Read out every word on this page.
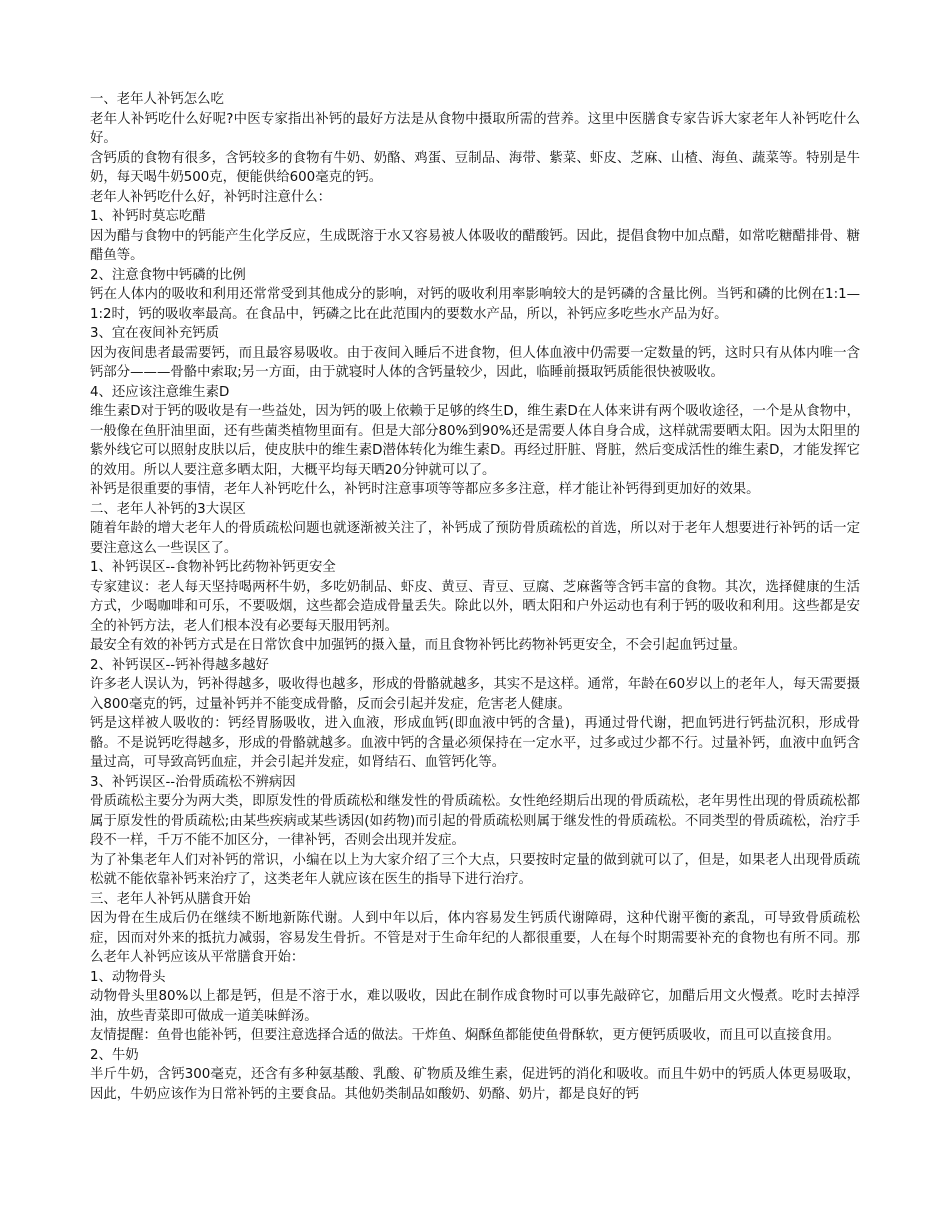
一、老年人补钙怎么吃

老年人补钙吃什么好呢?中医专家指出补钙的最好方法是从食物中摄取所需的营养。这里中医膳食专家告诉大家老年人补钙吃什么好。

含钙质的食物有很多，含钙较多的食物有牛奶、奶酪、鸡蛋、豆制品、海带、紫菜、虾皮、芝麻、山楂、海鱼、蔬菜等。特别是牛奶，每天喝牛奶500克，便能供给600毫克的钙。

老年人补钙吃什么好，补钙时注意什么：

1、补钙时莫忘吃醋

因为醋与食物中的钙能产生化学反应，生成既溶于水又容易被人体吸收的醋酸钙。因此，提倡食物中加点醋，如常吃糖醋排骨、糖醋鱼等。

2、注意食物中钙磷的比例

钙在人体内的吸收和利用还常常受到其他成分的影响，对钙的吸收利用率影响较大的是钙磷的含量比例。当钙和磷的比例在1:1—1:2时，钙的吸收率最高。在食品中，钙磷之比在此范围内的要数水产品，所以，补钙应多吃些水产品为好。

3、宜在夜间补充钙质

因为夜间患者最需要钙，而且最容易吸收。由于夜间入睡后不进食物，但人体血液中仍需要一定数量的钙，这时只有从体内唯一含钙部分———骨骼中索取;另一方面，由于就寝时人体的含钙量较少，因此，临睡前摄取钙质能很快被吸收。

4、还应该注意维生素D

维生素D对于钙的吸收是有一些益处，因为钙的吸上依赖于足够的终生D，维生素D在人体来讲有两个吸收途径，一个是从食物中，一般像在鱼肝油里面，还有些菌类植物里面有。但是大部分80%到90%还是需要人体自身合成，这样就需要晒太阳。因为太阳里的紫外线它可以照射皮肤以后，使皮肤中的维生素D潜体转化为维生素D。再经过肝脏、肾脏，然后变成活性的维生素D，才能发挥它的效用。所以人要注意多晒太阳，大概平均每天晒20分钟就可以了。

补钙是很重要的事情，老年人补钙吃什么，补钙时注意事项等等都应多多注意，样才能让补钙得到更加好的效果。

二、老年人补钙的3大误区

随着年龄的增大老年人的骨质疏松问题也就逐渐被关注了，补钙成了预防骨质疏松的首选，所以对于老年人想要进行补钙的话一定要注意这么一些误区了。

1、补钙误区--食物补钙比药物补钙更安全

专家建议：老人每天坚持喝两杯牛奶，多吃奶制品、虾皮、黄豆、青豆、豆腐、芝麻酱等含钙丰富的食物。其次，选择健康的生活方式，少喝咖啡和可乐，不要吸烟，这些都会造成骨量丢失。除此以外，晒太阳和户外运动也有利于钙的吸收和利用。这些都是安全的补钙方法，老人们根本没有必要每天服用钙剂。

最安全有效的补钙方式是在日常饮食中加强钙的摄入量，而且食物补钙比药物补钙更安全，不会引起血钙过量。

2、补钙误区--钙补得越多越好

许多老人误认为，钙补得越多，吸收得也越多，形成的骨骼就越多，其实不是这样。通常，年龄在60岁以上的老年人，每天需要摄入800毫克的钙，过量补钙并不能变成骨骼，反而会引起并发症，危害老人健康。

钙是这样被人吸收的：钙经胃肠吸收，进入血液，形成血钙(即血液中钙的含量)，再通过骨代谢，把血钙进行钙盐沉积，形成骨骼。不是说钙吃得越多，形成的骨骼就越多。血液中钙的含量必须保持在一定水平，过多或过少都不行。过量补钙，血液中血钙含量过高，可导致高钙血症，并会引起并发症，如肾结石、血管钙化等。

3、补钙误区--治骨质疏松不辨病因

骨质疏松主要分为两大类，即原发性的骨质疏松和继发性的骨质疏松。女性绝经期后出现的骨质疏松，老年男性出现的骨质疏松都属于原发性的骨质疏松;由某些疾病或某些诱因(如药物)而引起的骨质疏松则属于继发性的骨质疏松。不同类型的骨质疏松，治疗手段不一样，千万不能不加区分，一律补钙，否则会出现并发症。

为了补集老年人们对补钙的常识，小编在以上为大家介绍了三个大点，只要按时定量的做到就可以了，但是，如果老人出现骨质疏松就不能依靠补钙来治疗了，这类老年人就应该在医生的指导下进行治疗。

三、老年人补钙从膳食开始

因为骨在生成后仍在继续不断地新陈代谢。人到中年以后，体内容易发生钙质代谢障碍，这种代谢平衡的紊乱，可导致骨质疏松症，因而对外来的抵抗力减弱，容易发生骨折。不管是对于生命年纪的人都很重要，人在每个时期需要补充的食物也有所不同。那么老年人补钙应该从平常膳食开始：

1、动物骨头

动物骨头里80%以上都是钙，但是不溶于水，难以吸收，因此在制作成食物时可以事先敲碎它，加醋后用文火慢煮。吃时去掉浮油，放些青菜即可做成一道美味鲜汤。

友情提醒：鱼骨也能补钙，但要注意选择合适的做法。干炸鱼、焖酥鱼都能使鱼骨酥软，更方便钙质吸收，而且可以直接食用。

2、牛奶

半斤牛奶，含钙300毫克，还含有多种氨基酸、乳酸、矿物质及维生素，促进钙的消化和吸收。而且牛奶中的钙质人体更易吸取，因此，牛奶应该作为日常补钙的主要食品。其他奶类制品如酸奶、奶酪、奶片，都是良好的钙
